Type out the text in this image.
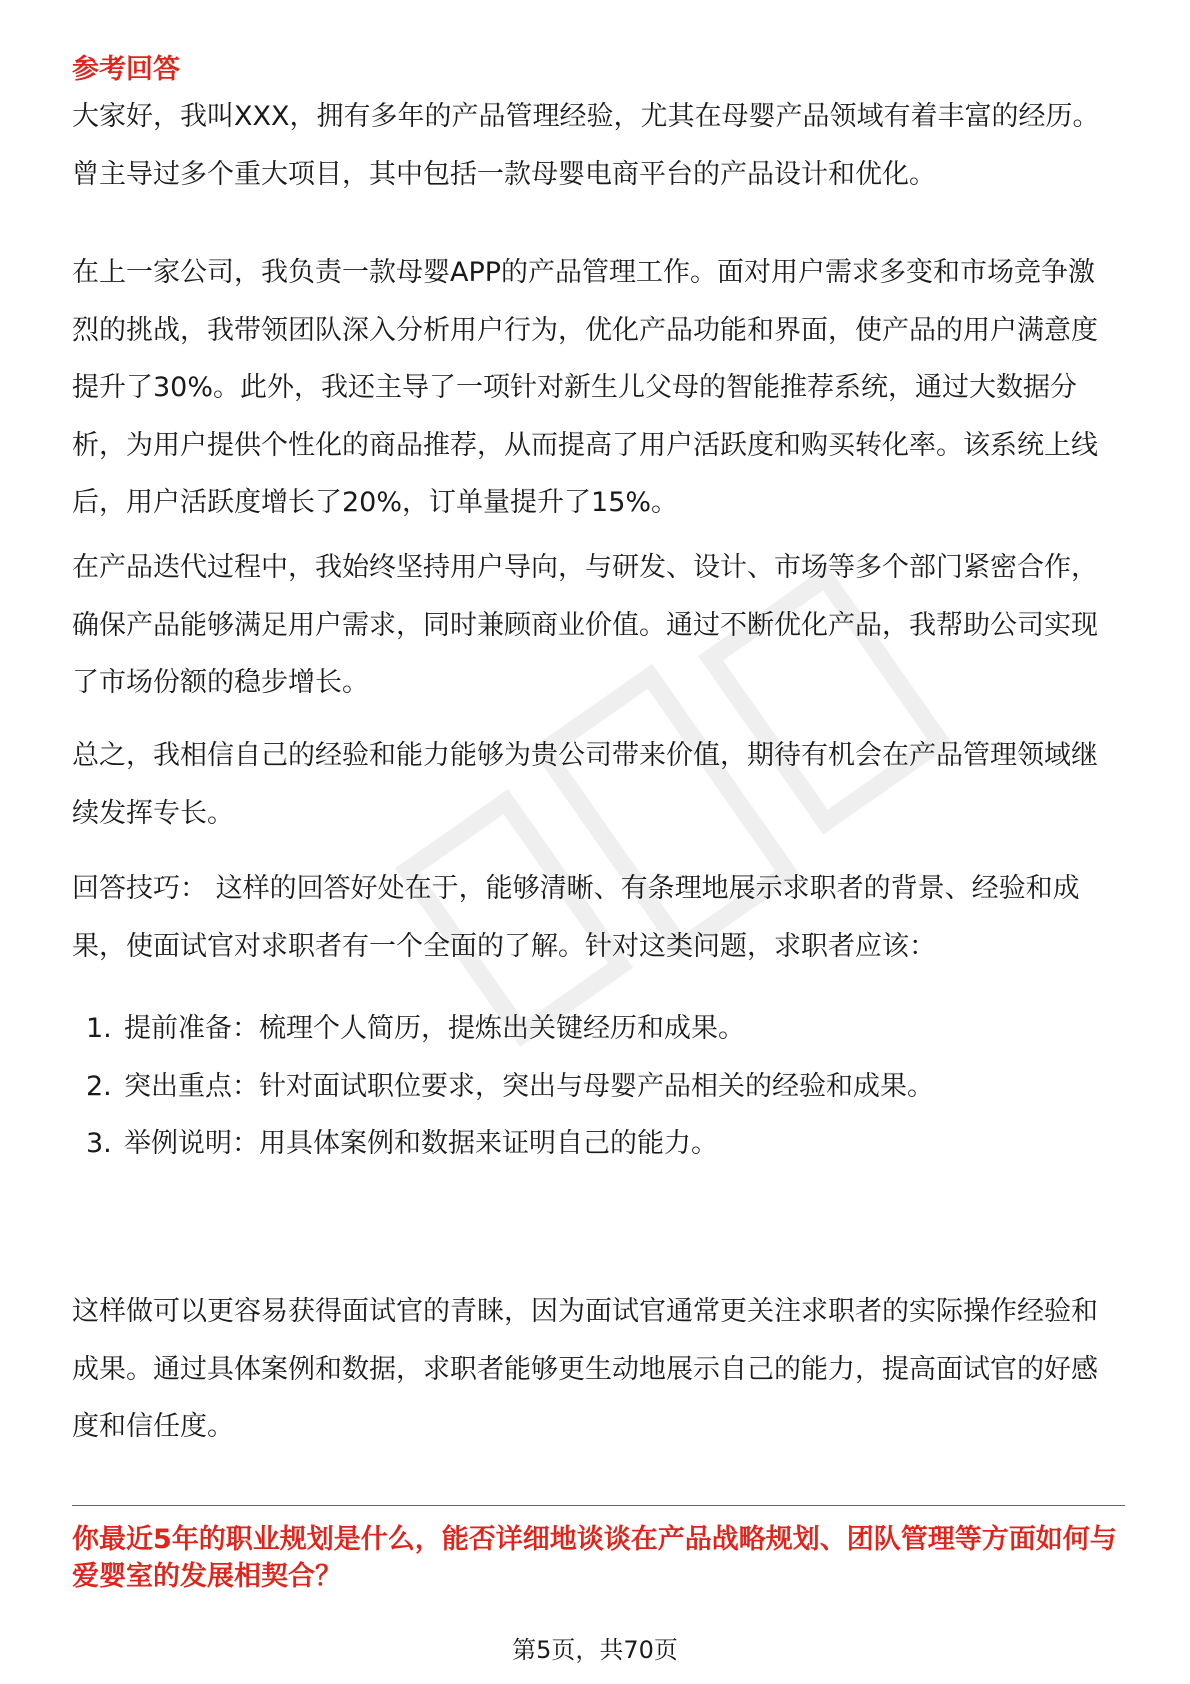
参考回答

大家好，我叫XXX，拥有多年的产品管理经验，尤其在母婴产品领域有着丰富的经历。曾主导过多个重大项目，其中包括一款母婴电商平台的产品设计和优化。

在上一家公司，我负责一款母婴APP的产品管理工作。面对用户需求多变和市场竞争激烈的挑战，我带领团队深入分析用户行为，优化产品功能和界面，使产品的用户满意度提升了30%。此外，我还主导了一项针对新生儿父母的智能推荐系统，通过大数据分析，为用户提供个性化的商品推荐，从而提高了用户活跃度和购买转化率。该系统上线后，用户活跃度增长了20%，订单量提升了15%。

在产品迭代过程中，我始终坚持用户导向，与研发、设计、市场等多个部门紧密合作，确保产品能够满足用户需求，同时兼顾商业价值。通过不断优化产品，我帮助公司实现了市场份额的稳步增长。

总之，我相信自己的经验和能力能够为贵公司带来价值，期待有机会在产品管理领域继续发挥专长。

回答技巧： 这样的回答好处在于，能够清晰、有条理地展示求职者的背景、经验和成果，使面试官对求职者有一个全面的了解。针对这类问题，求职者应该：

1. 提前准备：梳理个人简历，提炼出关键经历和成果。
2. 突出重点：针对面试职位要求，突出与母婴产品相关的经验和成果。
3. 举例说明：用具体案例和数据来证明自己的能力。

这样做可以更容易获得面试官的青睐，因为面试官通常更关注求职者的实际操作经验和成果。通过具体案例和数据，求职者能够更生动地展示自己的能力，提高面试官的好感度和信任度。

你最近5年的职业规划是什么，能否详细地谈谈在产品战略规划、团队管理等方面如何与爱婴室的发展相契合？

第5页，共70页
